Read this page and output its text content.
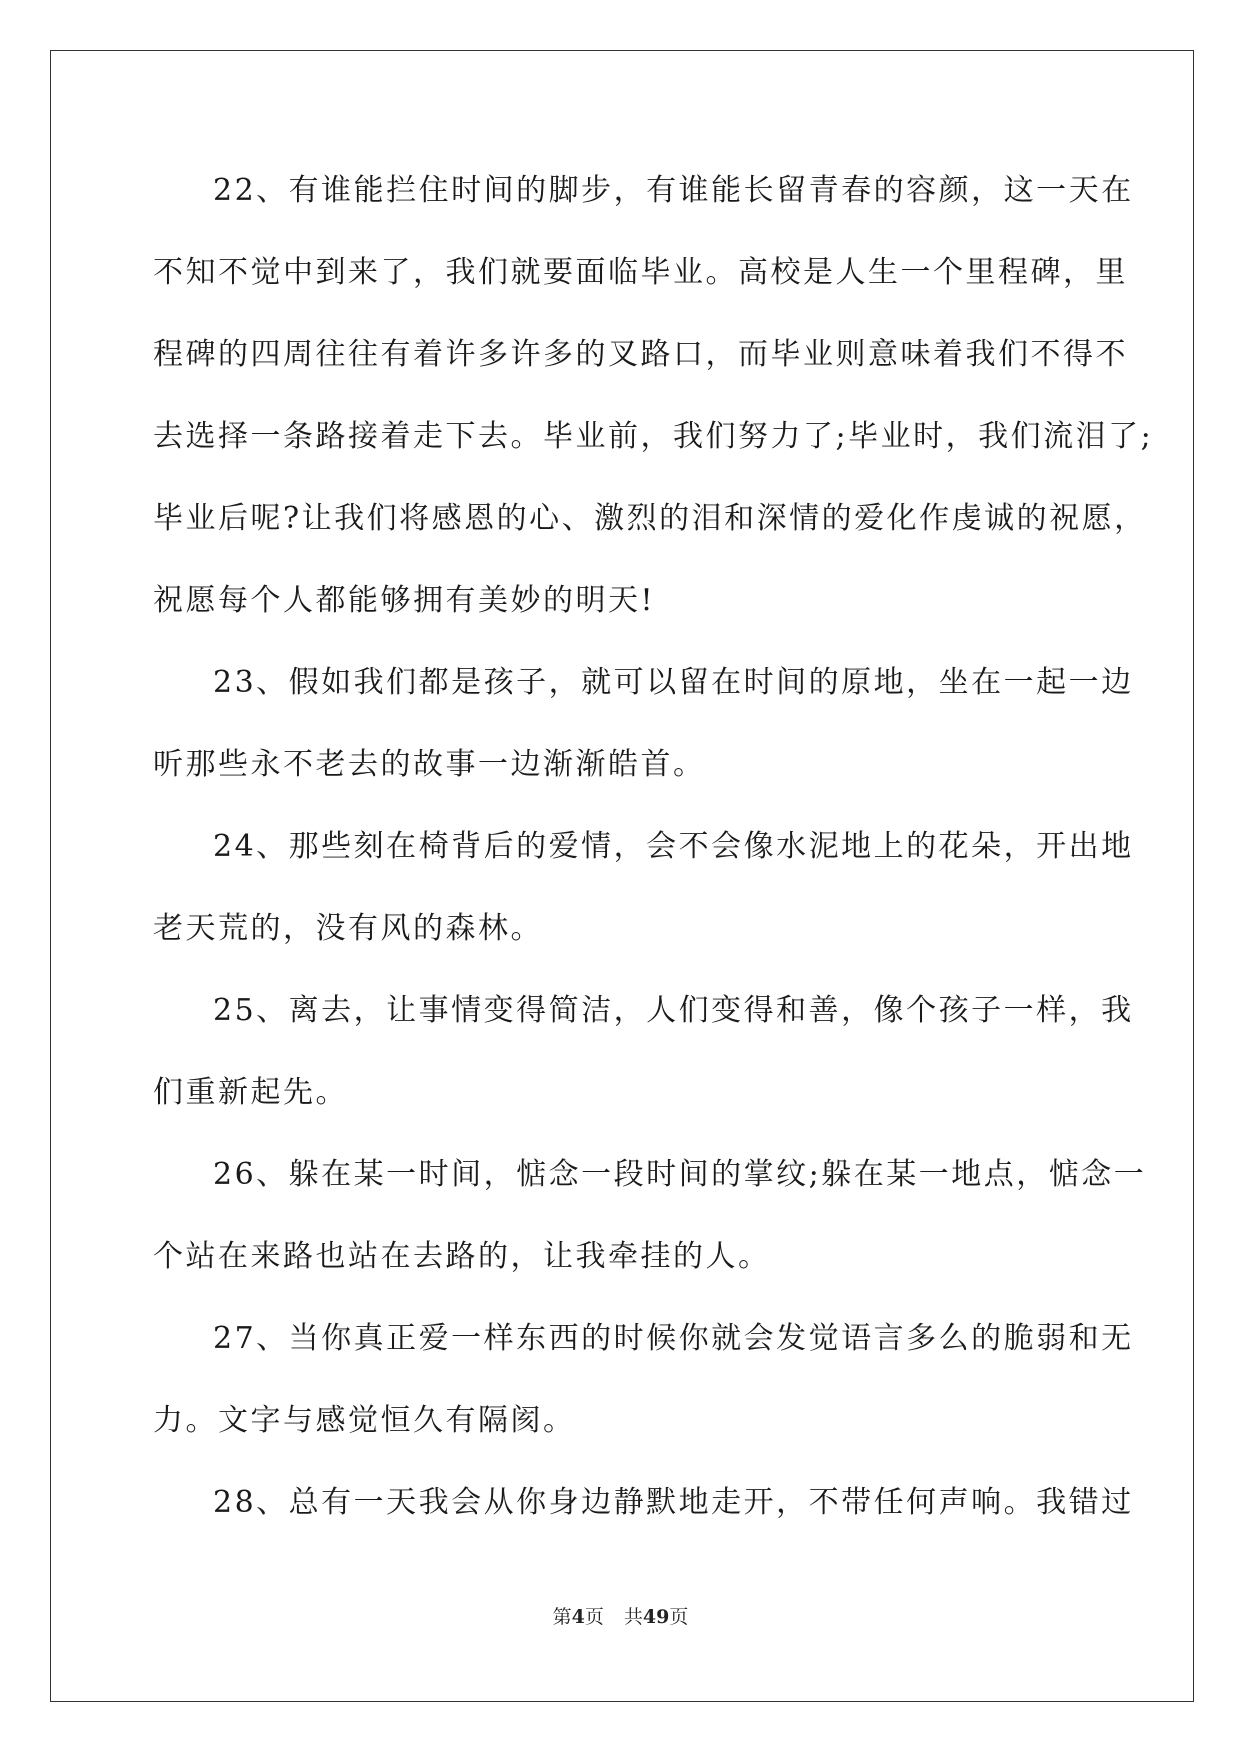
22、有谁能拦住时间的脚步，有谁能长留青春的容颜，这一天在
不知不觉中到来了，我们就要面临毕业。高校是人生一个里程碑，里
程碑的四周往往有着许多许多的叉路口，而毕业则意味着我们不得不
去选择一条路接着走下去。毕业前，我们努力了;毕业时，我们流泪了;
毕业后呢?让我们将感恩的心、激烈的泪和深情的爱化作虔诚的祝愿，
祝愿每个人都能够拥有美妙的明天!
23、假如我们都是孩子，就可以留在时间的原地，坐在一起一边
听那些永不老去的故事一边渐渐皓首。
24、那些刻在椅背后的爱情，会不会像水泥地上的花朵，开出地
老天荒的，没有风的森林。
25、离去，让事情变得简洁，人们变得和善，像个孩子一样，我
们重新起先。
26、躲在某一时间，惦念一段时间的掌纹;躲在某一地点，惦念一
个站在来路也站在去路的，让我牵挂的人。
27、当你真正爱一样东西的时候你就会发觉语言多么的脆弱和无
力。文字与感觉恒久有隔阂。
28、总有一天我会从你身边静默地走开，不带任何声响。我错过
第4页 共49页
